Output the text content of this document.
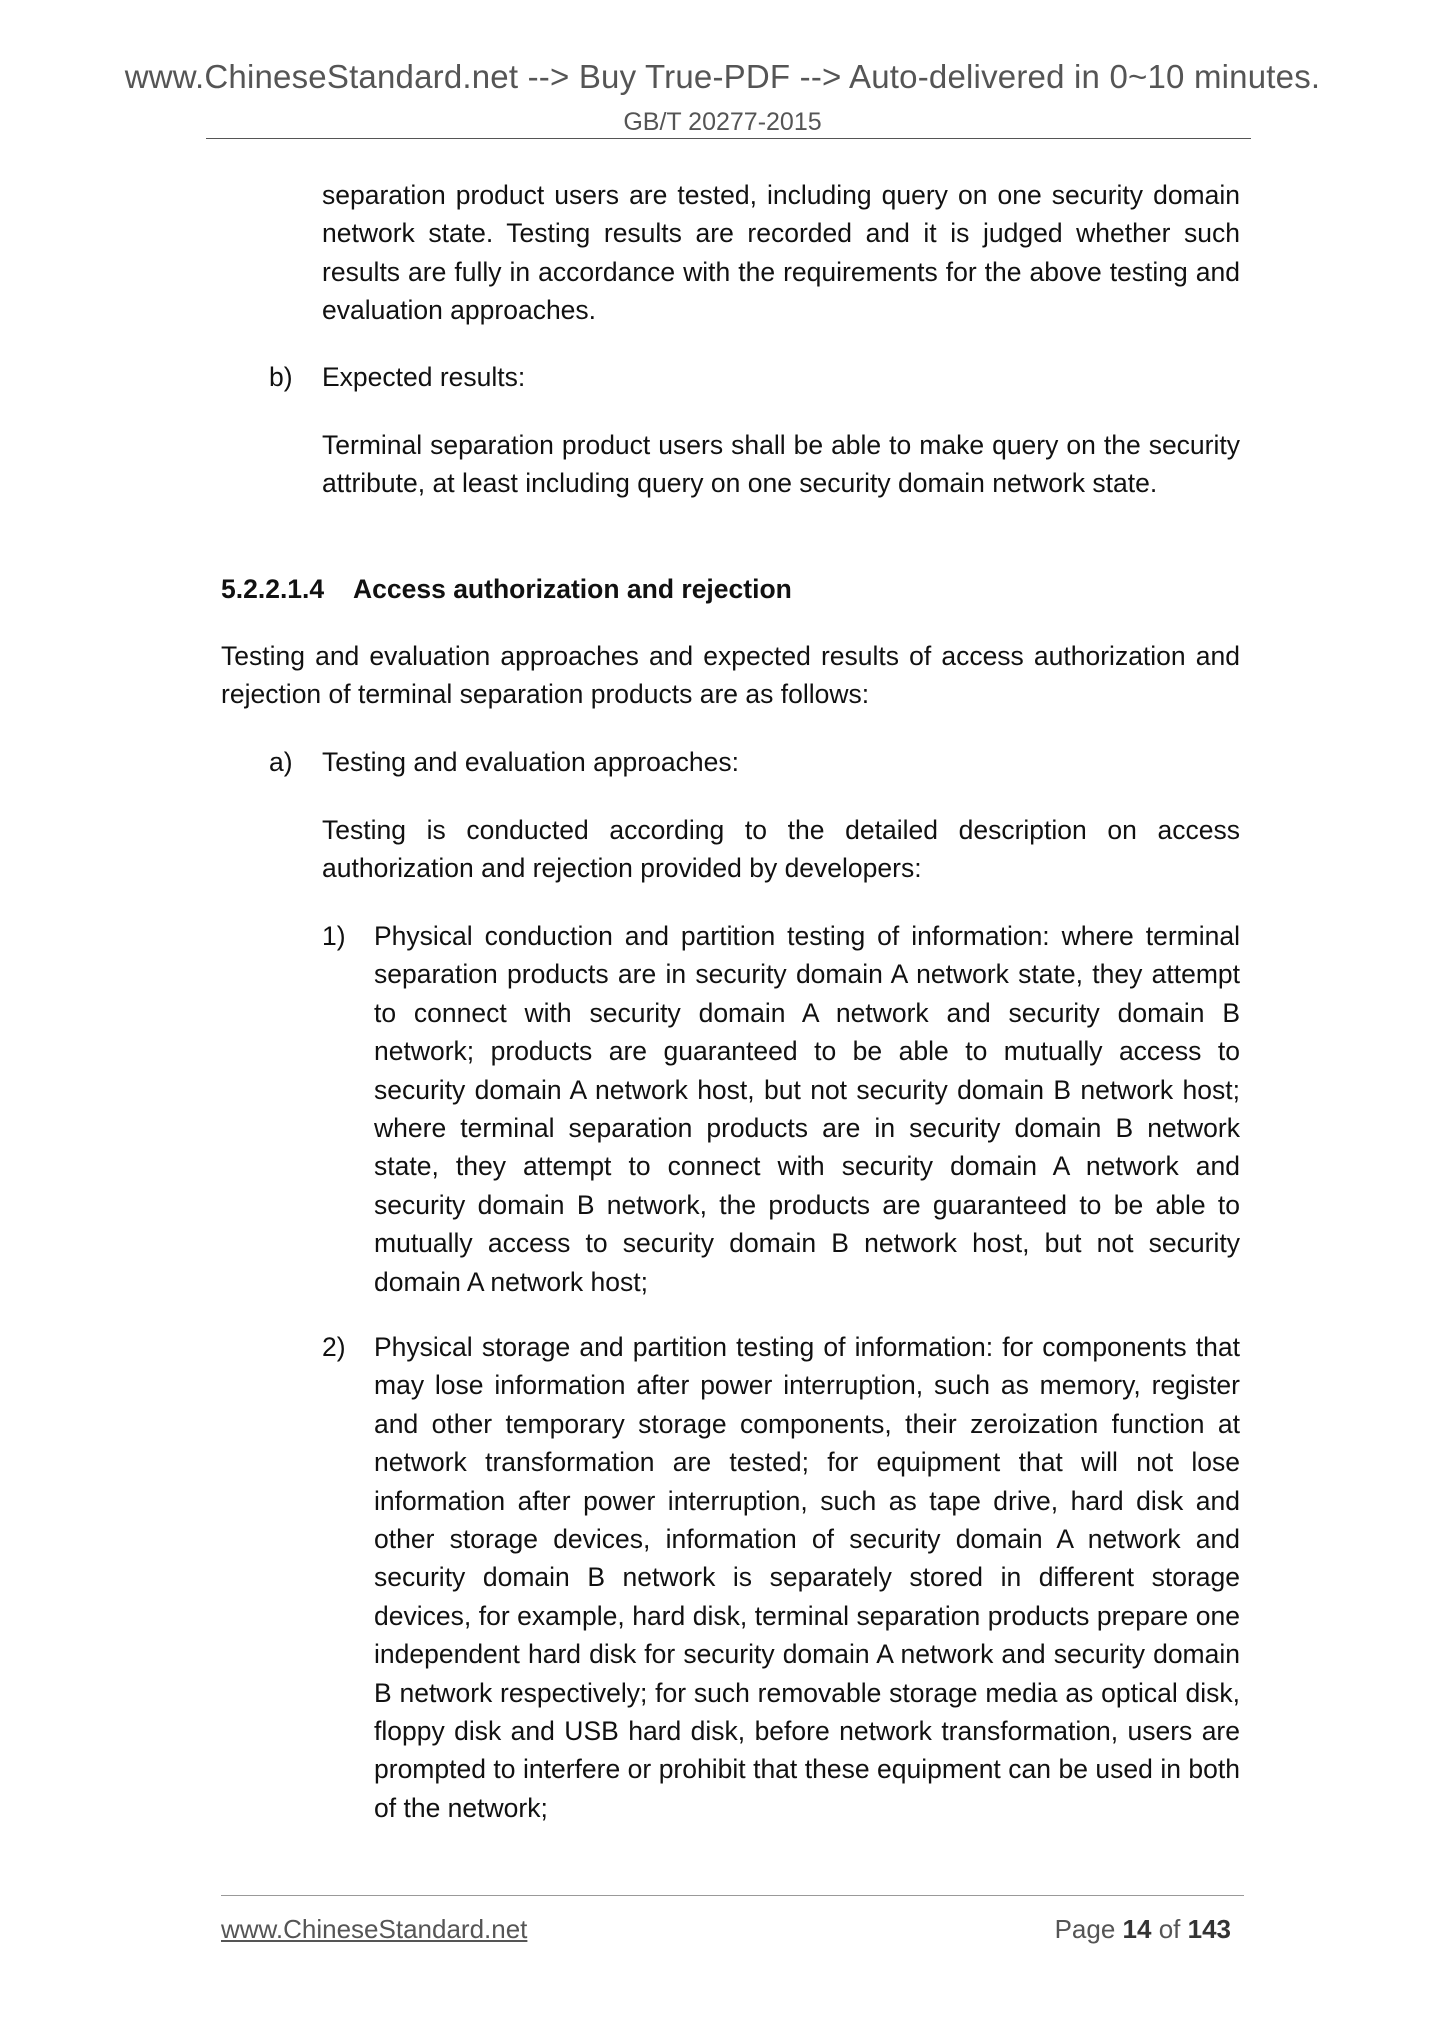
www.ChineseStandard.net --> Buy True-PDF --> Auto-delivered in 0~10 minutes.
GB/T 20277-2015

separation product users are tested, including query on one security domain network state. Testing results are recorded and it is judged whether such results are fully in accordance with the requirements for the above testing and evaluation approaches.

b) Expected results:

Terminal separation product users shall be able to make query on the security attribute, at least including query on one security domain network state.

5.2.2.1.4 Access authorization and rejection

Testing and evaluation approaches and expected results of access authorization and rejection of terminal separation products are as follows:

a) Testing and evaluation approaches:

Testing is conducted according to the detailed description on access authorization and rejection provided by developers:

1) Physical conduction and partition testing of information: where terminal separation products are in security domain A network state, they attempt to connect with security domain A network and security domain B network; products are guaranteed to be able to mutually access to security domain A network host, but not security domain B network host; where terminal separation products are in security domain B network state, they attempt to connect with security domain A network and security domain B network, the products are guaranteed to be able to mutually access to security domain B network host, but not security domain A network host;

2) Physical storage and partition testing of information: for components that may lose information after power interruption, such as memory, register and other temporary storage components, their zeroization function at network transformation are tested; for equipment that will not lose information after power interruption, such as tape drive, hard disk and other storage devices, information of security domain A network and security domain B network is separately stored in different storage devices, for example, hard disk, terminal separation products prepare one independent hard disk for security domain A network and security domain B network respectively; for such removable storage media as optical disk, floppy disk and USB hard disk, before network transformation, users are prompted to interfere or prohibit that these equipment can be used in both of the network;

www.ChineseStandard.net	Page 14 of 143
